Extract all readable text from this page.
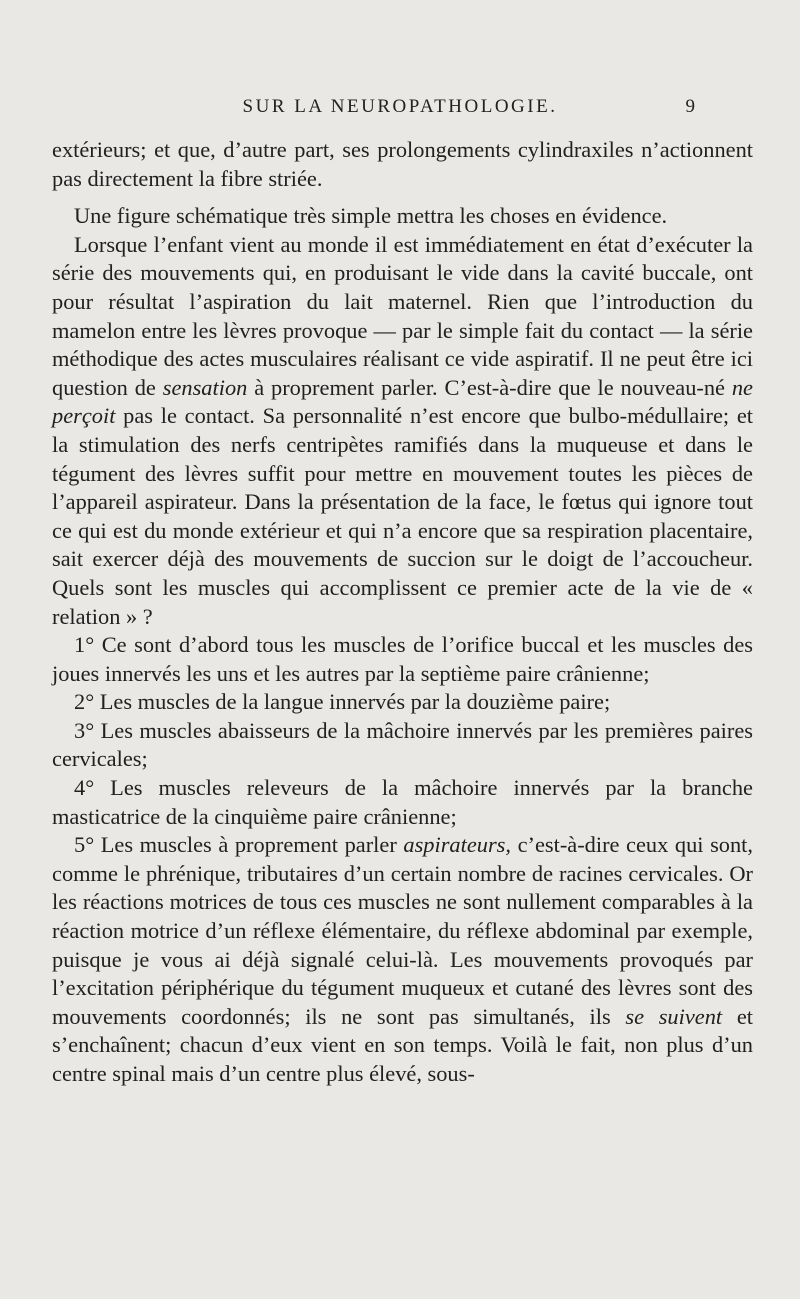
SUR LA NEUROPATHOLOGIE.	9

extérieurs; et que, d’autre part, ses prolongements cylindraxiles n’actionnent pas directement la fibre striée.

Une figure schématique très simple mettra les choses en évidence.

Lorsque l’enfant vient au monde il est immédiatement en état d’exécuter la série des mouvements qui, en produisant le vide dans la cavité buccale, ont pour résultat l’aspiration du lait maternel. Rien que l’introduction du mamelon entre les lèvres provoque — par le simple fait du contact — la série méthodique des actes musculaires réalisant ce vide aspiratif. Il ne peut être ici question de sensation à proprement parler. C’est-à-dire que le nouveau-né ne perçoit pas le contact. Sa personnalité n’est encore que bulbo-médullaire; et la stimulation des nerfs centripètes ramifiés dans la muqueuse et dans le tégument des lèvres suffit pour mettre en mouvement toutes les pièces de l’appareil aspirateur. Dans la présentation de la face, le fœtus qui ignore tout ce qui est du monde extérieur et qui n’a encore que sa respiration placentaire, sait exercer déjà des mouvements de succion sur le doigt de l’accoucheur. Quels sont les muscles qui accomplissent ce premier acte de la vie de « relation » ?

1° Ce sont d’abord tous les muscles de l’orifice buccal et les muscles des joues innervés les uns et les autres par la septième paire crânienne;

2° Les muscles de la langue innervés par la douzième paire;

3° Les muscles abaisseurs de la mâchoire innervés par les premières paires cervicales;

4° Les muscles releveurs de la mâchoire innervés par la branche masticatrice de la cinquième paire crânienne;

5° Les muscles à proprement parler aspirateurs, c’est-à-dire ceux qui sont, comme le phrénique, tributaires d’un certain nombre de racines cervicales. Or les réactions motrices de tous ces muscles ne sont nullement comparables à la réaction motrice d’un réflexe élémentaire, du réflexe abdominal par exemple, puisque je vous ai déjà signalé celui-là. Les mouvements provoqués par l’excitation périphérique du tégument muqueux et cutané des lèvres sont des mouvements coordonnés; ils ne sont pas simultanés, ils se suivent et s’enchaînent; chacun d’eux vient en son temps. Voilà le fait, non plus d’un centre spinal mais d’un centre plus élevé, sous-
